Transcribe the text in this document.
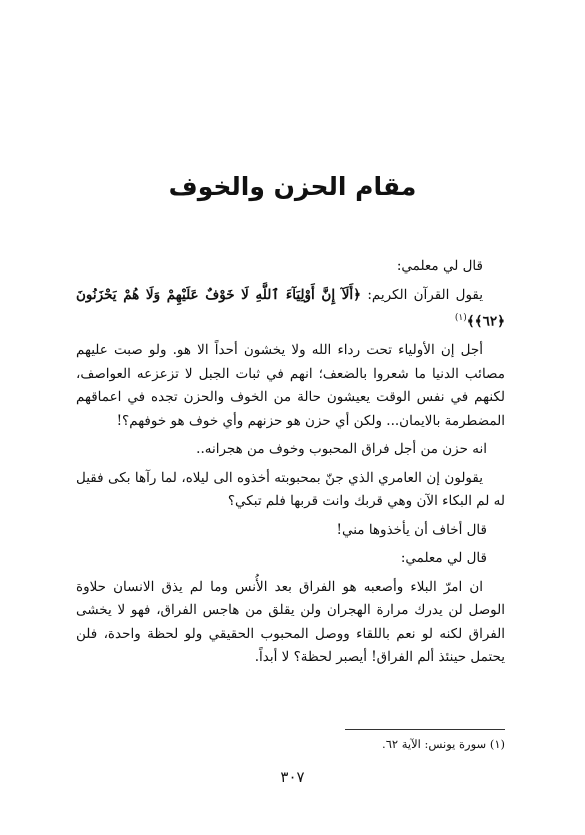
مقام الحزن والخوف

قال لي معلمي:

يقول القرآن الكريم: ﴿أَلَآ إِنَّ أَوْلِيَآءَ ٱللَّهِ لَا خَوْفٌ عَلَيْهِمْ وَلَا هُمْ يَحْزَنُونَ ﴿٦٢﴾﴾$^{(١)}$

أجل إن الأولياء تحت رداء الله ولا يخشون أحداً الا هو. ولو صبت عليهم مصائب الدنيا ما شعروا بالضعف؛ انهم في ثبات الجبل لا تزعزعه العواصف، لكنهم في نفس الوقت يعيشون حالة من الخوف والحزن تجده في اعماقهم المضطرمة بالايمان... ولكن أي حزن هو حزنهم وأي خوف هو خوفهم؟!

انه حزن من أجل فراق المحبوب وخوف من هجرانه..

يقولون إن العامري الذي جنّ بمحبوبته أخذوه الى ليلاه، لما رآها بكى فقيل له لم البكاء الآن وهي قربك وانت قربها فلم تبكي؟

قال أخاف أن يأخذوها مني!

قال لي معلمي:

ان امرّ البلاء وأصعبه هو الفراق بعد الأُنس وما لم يذق الانسان حلاوة الوصل لن يدرك مرارة الهجران ولن يقلق من هاجس الفراق، فهو لا يخشى الفراق لكنه لو نعم باللقاء ووصل المحبوب الحقيقي ولو لحظة واحدة، فلن يحتمل حينئذ ألم الفراق! أيصبر لحظة؟ لا أبداً.

(١) سورة يونس: الآية ٦٢.
٣٠٧
